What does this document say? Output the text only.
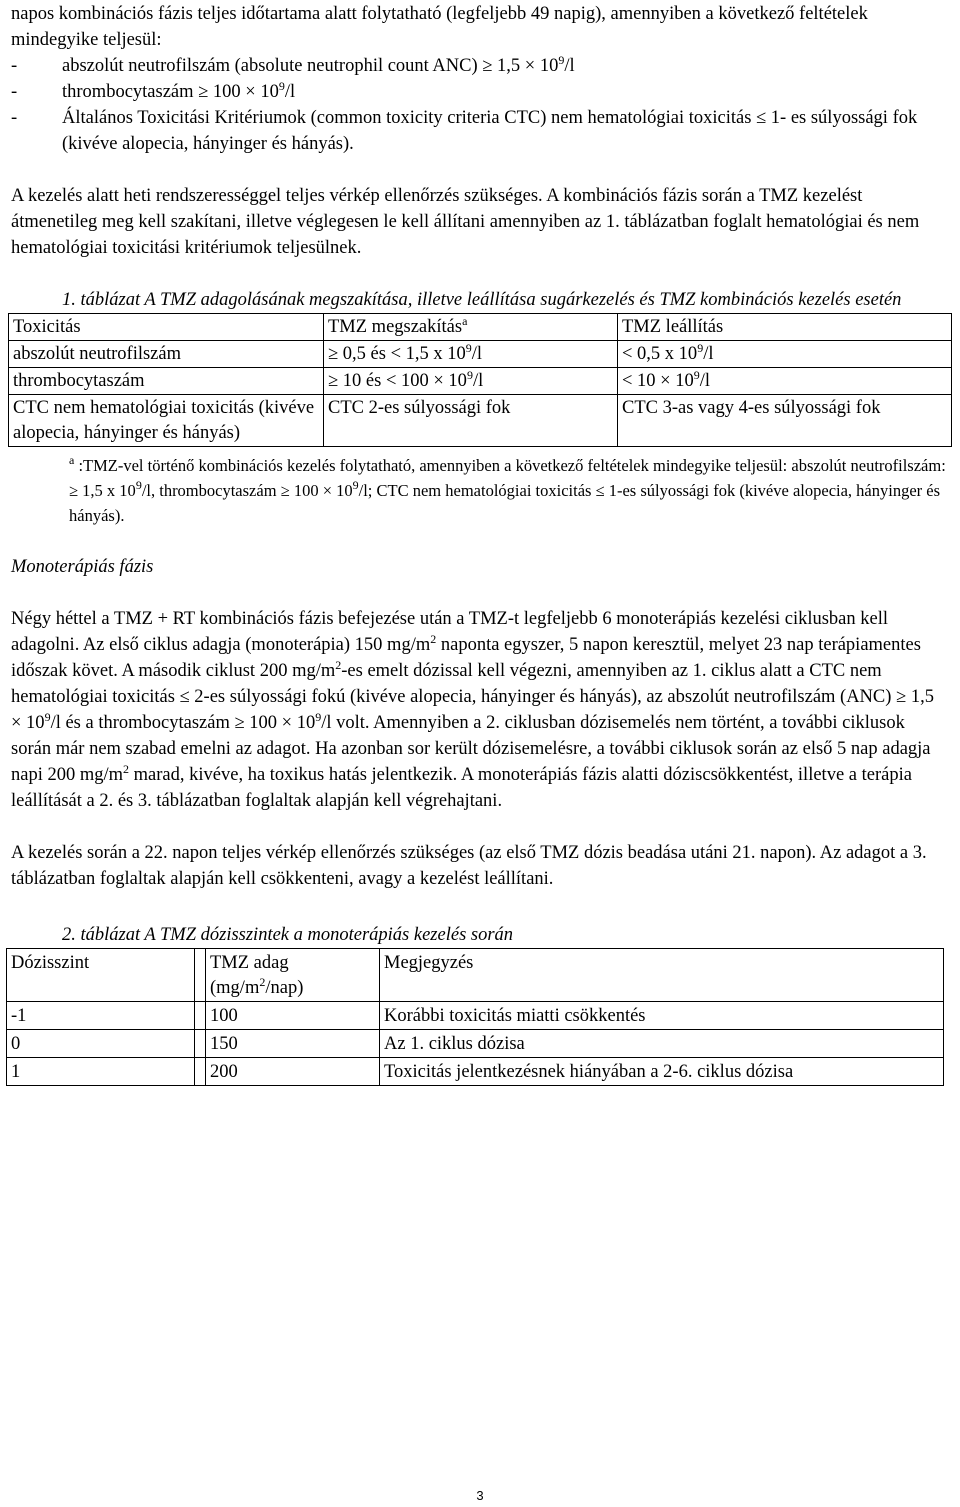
napos kombinációs fázis teljes időtartama alatt folytatható (legfeljebb 49 napig), amennyiben a következő feltételek mindegyike teljesül:

- abszolút neutrofilszám (absolute neutrophil count $ANC) \ge 1,5 \times 10^9/l$
- thrombocytaszám ≥ $100 \times 10^9/l$
- Általános Toxicitási Kritériumok (common toxicity criteria CTC) nem hematológiai toxicitás ≤ 1- es súlyossági fok (kivéve alopecia, hányinger és hányás).

A kezelés alatt heti rendszerességgel teljes vérkép ellenőrzés szükséges. A kombinációs fázis során a TMZ kezelést átmenetileg meg kell szakítani, illetve véglegesen le kell állítani amennyiben az 1. táblázatban foglalt hematológiai és nem hematológiai toxicitási kritériumok teljesülnek.

1. táblázat A TMZ adagolásának megszakítása, illetve leállítása sugárkezelés és TMZ kombinációs kezelés esetén

Toxicitás	TMZ megszakítás$^a$	TMZ leállítás
abszolút neutrofilszám	≥ 0,5 és < 1,5 x $10^9/l$	< 0,5 x $10^9/l$
thrombocytaszám	≥ 10 és < $100 \times 10^9/l$	< $10 \times 10^9/l$
CTC nem hematológiai toxicitás (kivéve alopecia, hányinger és hányás)	CTC 2-es súlyossági fok	CTC 3-as vagy 4-es súlyossági fok

$^a$ :TMZ-vel történő kombinációs kezelés folytatható, amennyiben a következő feltételek mindegyike teljesül: abszolút neutrofilszám: ≥ 1,5 x $10^9/l$, thrombocytaszám ≥ $100 \times 10^9/l$; CTC nem hematológiai toxicitás ≤ 1-es súlyossági fok (kivéve alopecia, hányinger és hányás).

Monoterápiás fázis

Négy héttel a TMZ + RT kombinációs fázis befejezése után a TMZ-t legfeljebb 6 monoterápiás kezelési ciklusban kell adagolni. Az első ciklus adagja (monoterápia) 150 $mg/m^2$ naponta egyszer, 5 napon keresztül, melyet 23 nap terápiamentes időszak követ. A második ciklust 200 $mg/m^2-es$ emelt dózissal kell végezni, amennyiben az 1. ciklus alatt a CTC nem hematológiai toxicitás ≤ 2-es súlyossági fokú (kivéve alopecia, hányinger és hányás), az abszolút neutrofilszám $(ANC) \ge 1,5 \times 10^9/l$ és a thrombocytaszám ≥ $100 \times 10^9/l$ volt. Amennyiben a 2. ciklusban dózisemelés nem történt, a további ciklusok során már nem szabad emelni az adagot. Ha azonban sor került dózisemelésre, a további ciklusok során az első 5 nap adagja napi 200 $mg/m^2$ marad, kivéve, ha toxikus hatás jelentkezik. A monoterápiás fázis alatti dóziscsökkentést, illetve a terápia leállítását a 2. és 3. táblázatban foglaltak alapján kell végrehajtani.

A kezelés során a 22. napon teljes vérkép ellenőrzés szükséges (az első TMZ dózis beadása utáni 21. napon). Az adagot a 3. táblázatban foglaltak alapján kell csökkenteni, avagy a kezelést leállítani.

2. táblázat A TMZ dózisszintek a monoterápiás kezelés során

Dózisszint		TMZ adag $(mg/m^2/nap)$	Megjegyzés
-1		100	Korábbi toxicitás miatti csökkentés
0		150	Az 1. ciklus dózisa
1		200	Toxicitás jelentkezésnek hiányában a 2-6. ciklus dózisa
3
